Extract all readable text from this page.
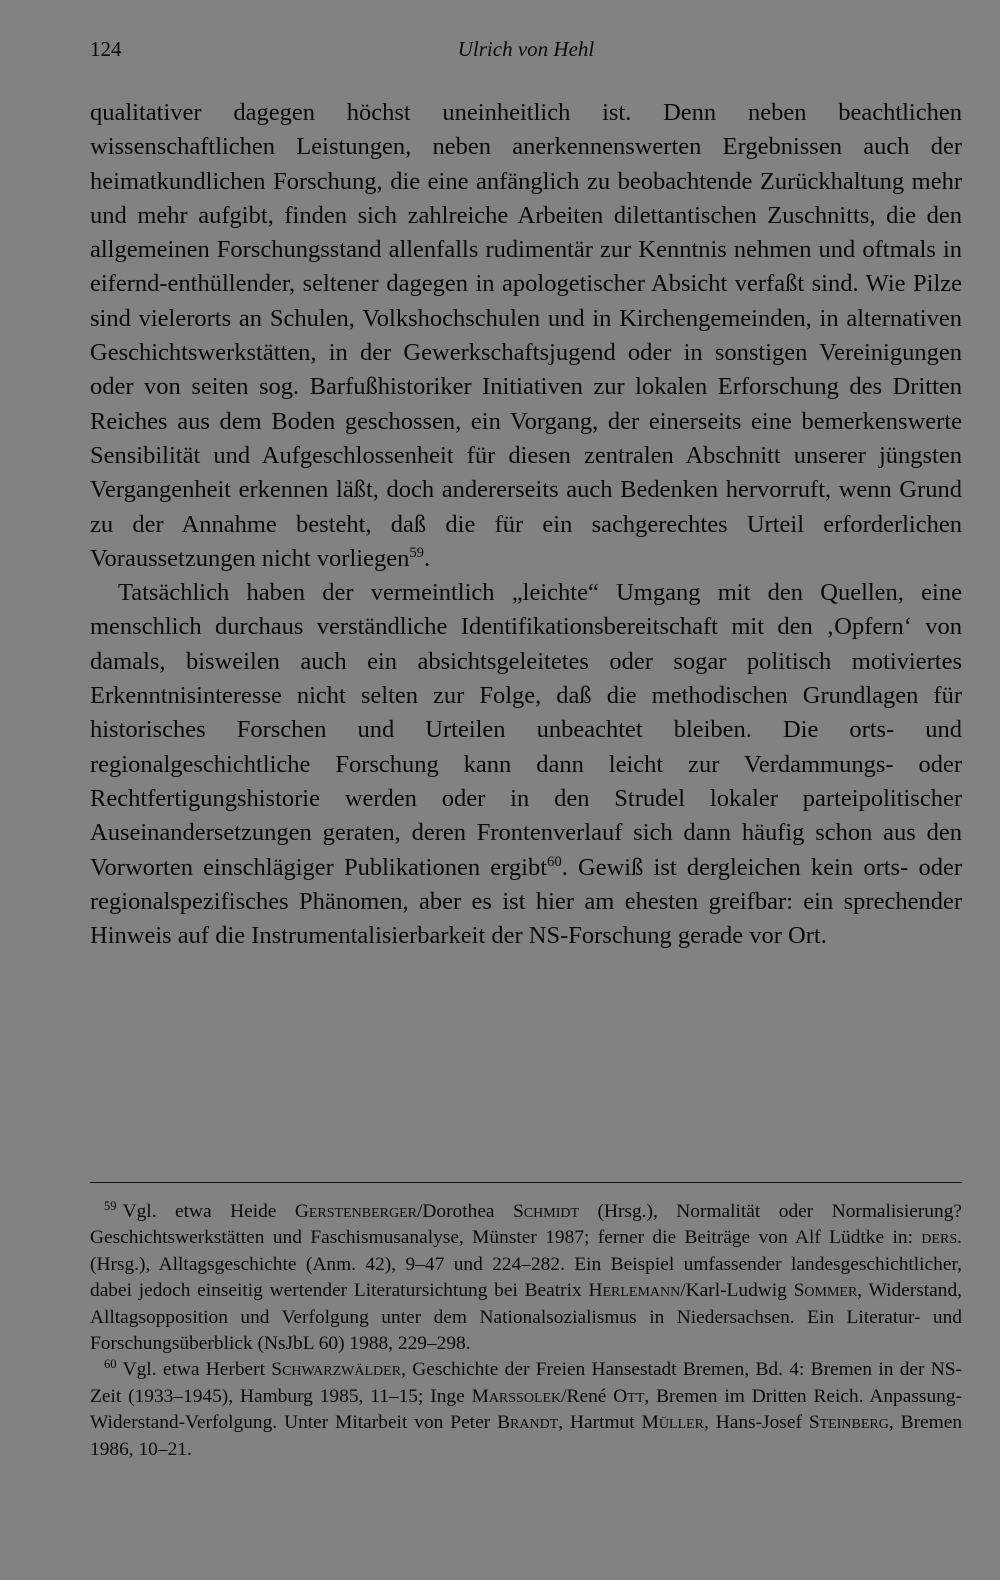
124	Ulrich von Hehl

qualitativer dagegen höchst uneinheitlich ist. Denn neben beachtlichen wissenschaftlichen Leistungen, neben anerkennenswerten Ergebnissen auch der heimatkundlichen Forschung, die eine anfänglich zu beobachtende Zurückhaltung mehr und mehr aufgibt, finden sich zahlreiche Arbeiten dilettantischen Zuschnitts, die den allgemeinen Forschungsstand allenfalls rudimentär zur Kenntnis nehmen und oftmals in eifernd-enthüllender, seltener dagegen in apologetischer Absicht verfaßt sind. Wie Pilze sind vielerorts an Schulen, Volkshochschulen und in Kirchengemeinden, in alternativen Geschichtswerkstätten, in der Gewerkschaftsjugend oder in sonstigen Vereinigungen oder von seiten sog. Barfußhistoriker Initiativen zur lokalen Erforschung des Dritten Reiches aus dem Boden geschossen, ein Vorgang, der einerseits eine bemerkenswerte Sensibilität und Aufgeschlossenheit für diesen zentralen Abschnitt unserer jüngsten Vergangenheit erkennen läßt, doch andererseits auch Bedenken hervorruft, wenn Grund zu der Annahme besteht, daß die für ein sachgerechtes Urteil erforderlichen Voraussetzungen nicht vorliegen$^{59}$.

Tatsächlich haben der vermeintlich „leichte“ Umgang mit den Quellen, eine menschlich durchaus verständliche Identifikationsbereitschaft mit den ‚Opfern‘ von damals, bisweilen auch ein absichtsgeleitetes oder sogar politisch motiviertes Erkenntnisinteresse nicht selten zur Folge, daß die methodischen Grundlagen für historisches Forschen und Urteilen unbeachtet bleiben. Die orts- und regionalgeschichtliche Forschung kann dann leicht zur Verdammungs- oder Rechtfertigungshistorie werden oder in den Strudel lokaler parteipolitischer Auseinandersetzungen geraten, deren Frontenverlauf sich dann häufig schon aus den Vorworten einschlägiger Publikationen ergibt$^{60}$. Gewiß ist dergleichen kein orts- oder regionalspezifisches Phänomen, aber es ist hier am ehesten greifbar: ein sprechender Hinweis auf die Instrumentalisierbarkeit der NS-Forschung gerade vor Ort.

$^{59}$ Vgl. etwa Heide Gerstenberger/Dorothea Schmidt (Hrsg.), Normalität oder Normalisierung? Geschichtswerkstätten und Faschismusanalyse, Münster 1987; ferner die Beiträge von Alf Lüdtke in: ders. (Hrsg.), Alltagsgeschichte (Anm. 42), 9–47 und 224–282. Ein Beispiel umfassender landesgeschichtlicher, dabei jedoch einseitig wertender Literatursichtung bei Beatrix Herlemann/Karl-Ludwig Sommer, Widerstand, Alltagsopposition und Verfolgung unter dem Nationalsozialismus in Niedersachsen. Ein Literatur- und Forschungsüberblick (NsJbL 60) 1988, 229–298.

$^{60}$ Vgl. etwa Herbert Schwarzwälder, Geschichte der Freien Hansestadt Bremen, Bd. 4: Bremen in der NS-Zeit (1933–1945), Hamburg 1985, 11–15; Inge Marssolek/René Ott, Bremen im Dritten Reich. Anpassung-Widerstand-Verfolgung. Unter Mitarbeit von Peter Brandt, Hartmut Müller, Hans-Josef Steinberg, Bremen 1986, 10–21.
